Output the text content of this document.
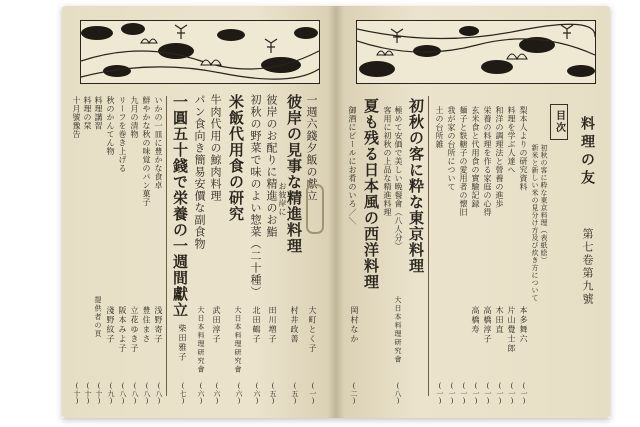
一週六錢夕飯の獻立
大町とく子
(一)
彼岸の見事な精進料理
お彼岸に
村井政善
(五)
彼岸のお配りに精進のお鮨
田川増子
(五)
初秋の野菜で味のよい惣菜（二十種）
北田鶴子
(六)
米飯代用食の研究
大日本料理研究會
(六)
牛肉代用の鯨肉料理
武田淳子
(六)
パン食向き簡易安價な副食物
大日本料理研究會
(六)
一圓五十錢で栄養の一週間獻立
柴田雅子
(七)
いかの一皿に豊かな食卓
浅野寄子
(八)
鮮やかな秋の味覚のパン菓子
豊住まさ
(八)
九月の清物
立花ゆき子
(八)
リーフを巻き上げる
阪本みよ子
(八)
秋のかんてん物
淺野紋子
(九)
料理講習
提供者の頁
(十)
料理の栞
(十)
十月號豫告
(十)
料理の友
第七卷第九號
目次
初秋の客に粋な東京料理（表紙絵）
新米と新しい米の見分け方及び炊き方について
梨本人よりの研究資料
本多舞六
(一)
料理を学ぶ人達へ
片山覺士郎
(一)
和洋の調理法と營養の進歩
木田直
(一)
栄養の料理を作る家庭の心得
高橋淳子
(一)
玄米食と代用食の實驗記録
高橋寿
(一)
麺子と麩糖子の愛用者の懐旧
(一)
我が家の台所について
(一)
土の台所雑
(一)
初秋の客に粋な東京料理
極めて安価で美しい晩餐會（八人分）
客用に初秋の上品な精進料理
大日本料理研究會
(八)
夏も残る日本風の西洋料理
御酒にビールにお肴のいろ／＼
岡村なか
(二)
